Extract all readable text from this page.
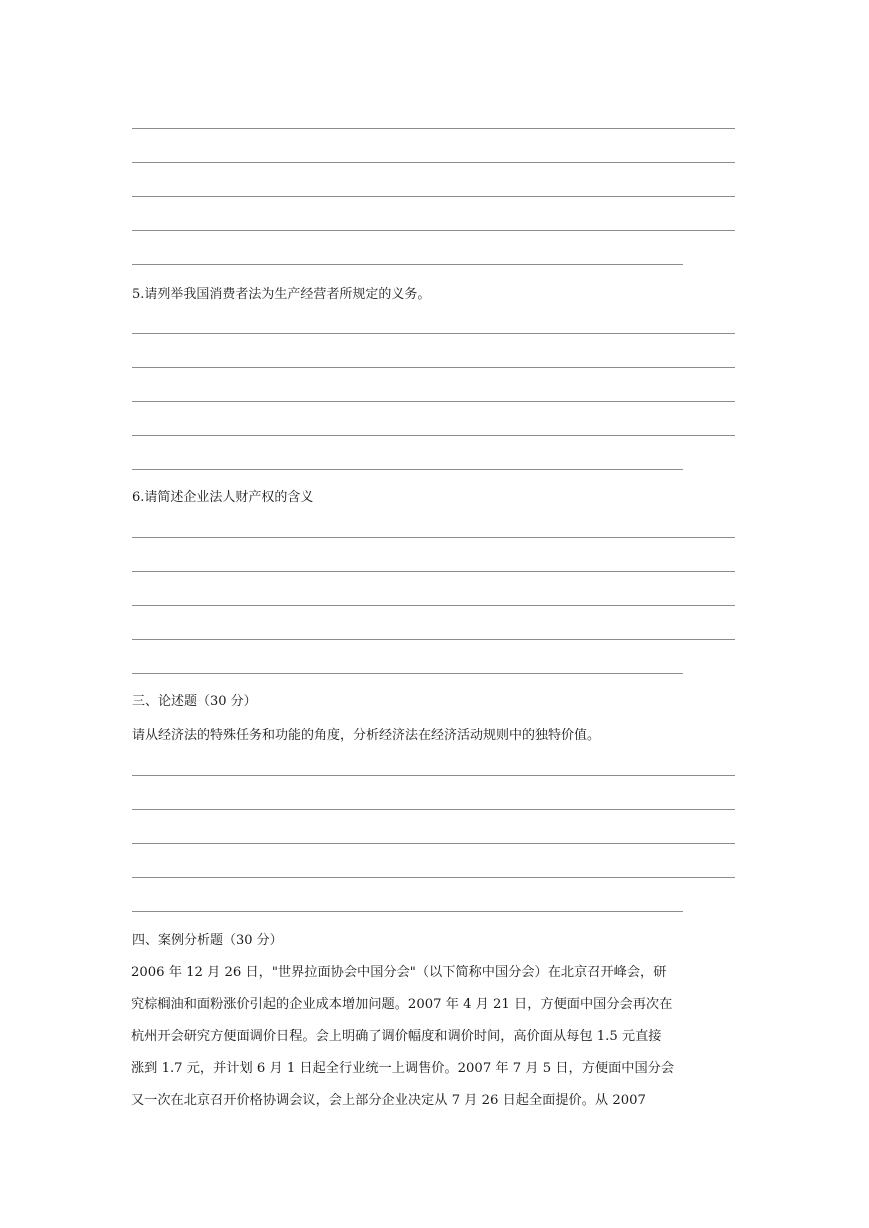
5.请列举我国消费者法为生产经营者所规定的义务。
6.请简述企业法人财产权的含义
三、论述题（30 分）
请从经济法的特殊任务和功能的角度，分析经济法在经济活动规则中的独特价值。
四、案例分析题（30 分）
2006 年 12 月 26 日，"世界拉面协会中国分会"（以下简称中国分会）在北京召开峰会，研
究棕榈油和面粉涨价引起的企业成本增加问题。2007 年 4 月 21 日，方便面中国分会再次在
杭州开会研究方便面调价日程。会上明确了调价幅度和调价时间，高价面从每包 1.5 元直接
涨到 1.7 元，并计划 6 月 1 日起全行业统一上调售价。2007 年 7 月 5 日，方便面中国分会
又一次在北京召开价格协调会议，会上部分企业决定从 7 月 26 日起全面提价。从 2007
